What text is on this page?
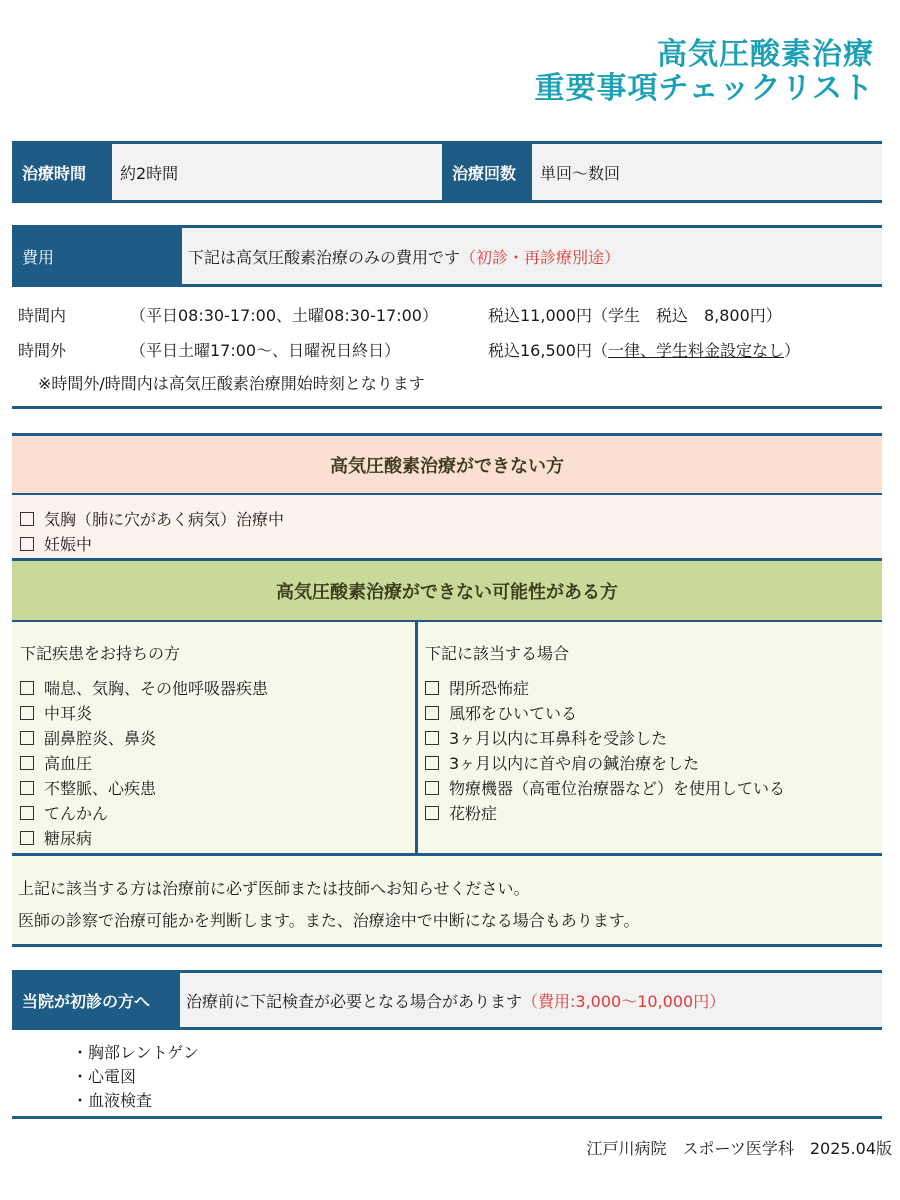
高気圧酸素治療
重要事項チェックリスト
治療時間	約2時間	治療回数	単回～数回
費用	下記は高気圧酸素治療のみの費用です （初診・再診療別途）
時間内	（平日08:30-17:00、土曜08:30-17:00）	税込11,000円（学生　税込　8,800円）
時間外	（平日土曜17:00～、日曜祝日終日）	税込16,500円（一律、学生料金設定なし）
※時間外/時間内は高気圧酸素治療開始時刻となります
高気圧酸素治療ができない方
気胸（肺に穴があく病気）治療中
妊娠中
高気圧酸素治療ができない可能性がある方
下記疾患をお持ちの方
喘息、気胸、その他呼吸器疾患
中耳炎
副鼻腔炎、鼻炎
高血圧
不整脈、心疾患
てんかん
糖尿病
下記に該当する場合
閉所恐怖症
風邪をひいている
3ヶ月以内に耳鼻科を受診した
3ヶ月以内に首や肩の鍼治療をした
物療機器（高電位治療器など）を使用している
花粉症
上記に該当する方は治療前に必ず医師または技師へお知らせください。
医師の診察で治療可能かを判断します。また、治療途中で中断になる場合もあります。
当院が初診の方へ	治療前に下記検査が必要となる場合があります （費用:3,000～10,000円）
・胸部レントゲン
・心電図
・血液検査
江戸川病院　スポーツ医学科　2025.04版
